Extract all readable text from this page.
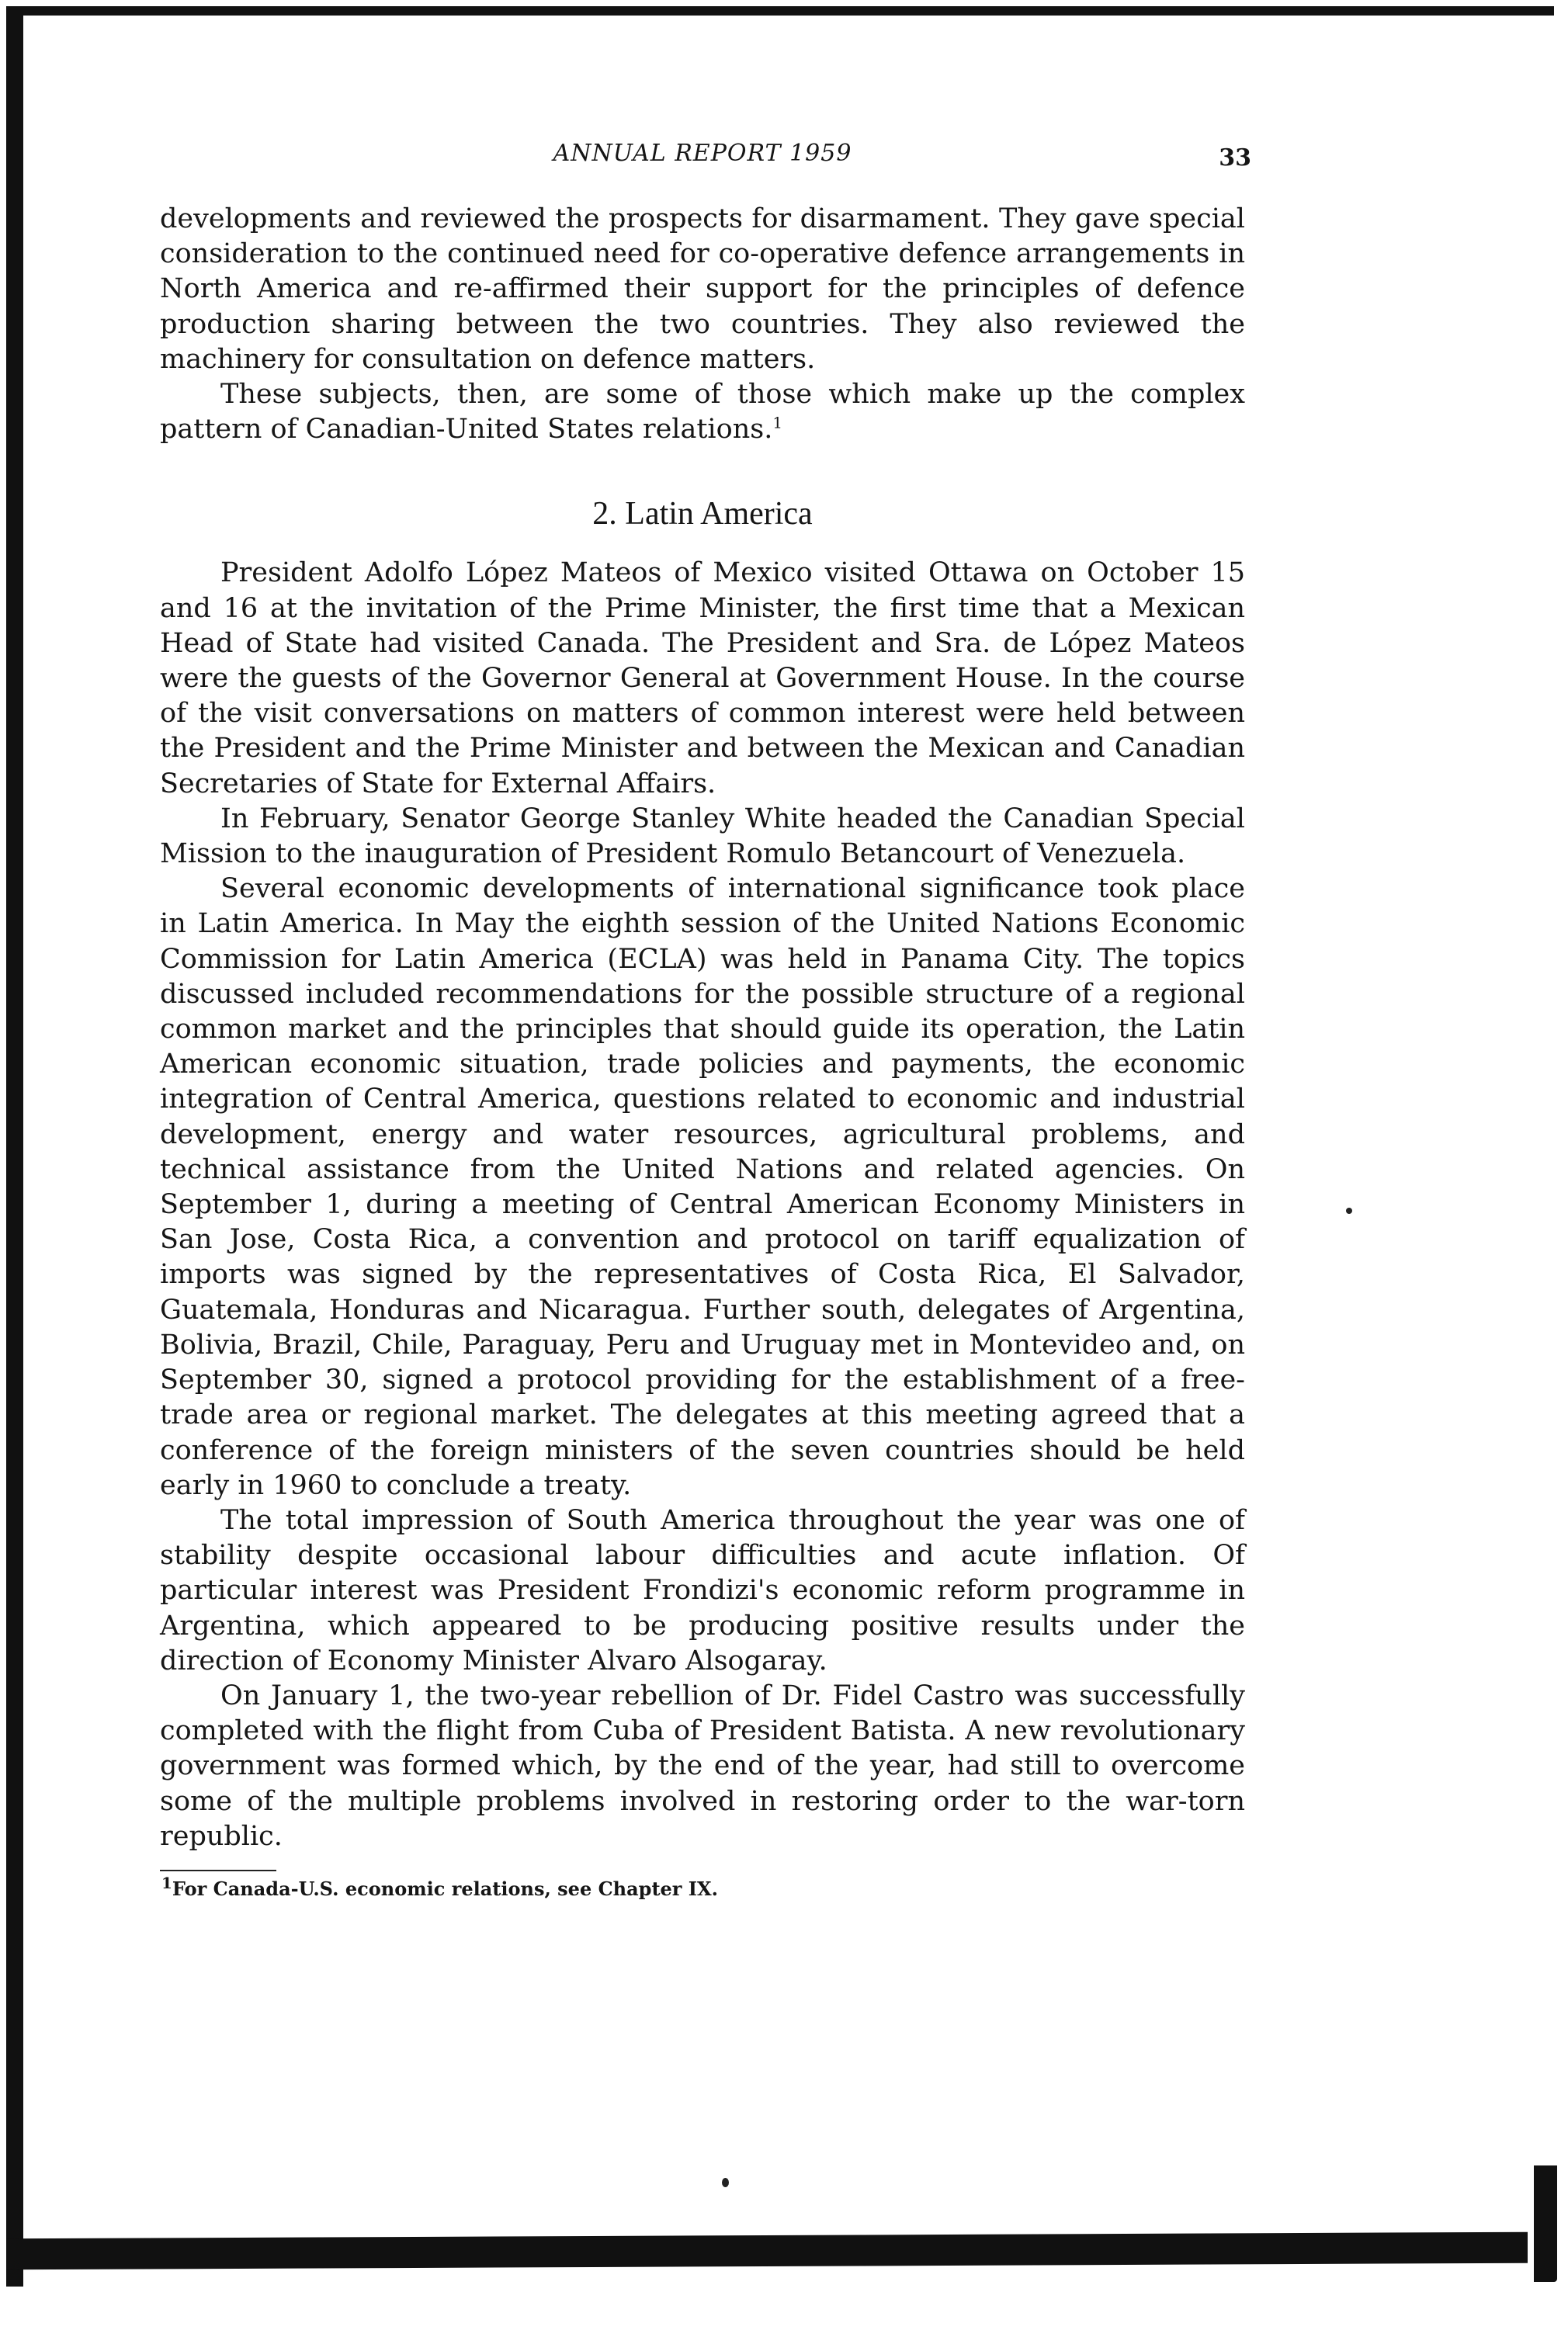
ANNUAL REPORT 1959	33

developments and reviewed the prospects for disarmament. They gave special consideration to the continued need for co-operative defence arrangements in North America and re-affirmed their support for the principles of defence production sharing between the two countries. They also reviewed the machinery for consultation on defence matters.

These subjects, then, are some of those which make up the complex pattern of Canadian-United States relations.$^1$

2. Latin America

President Adolfo López Mateos of Mexico visited Ottawa on October 15 and 16 at the invitation of the Prime Minister, the first time that a Mexican Head of State had visited Canada. The President and Sra. de López Mateos were the guests of the Governor General at Government House. In the course of the visit conversations on matters of common interest were held between the President and the Prime Minister and between the Mexican and Canadian Secretaries of State for External Affairs.

In February, Senator George Stanley White headed the Canadian Special Mission to the inauguration of President Romulo Betancourt of Venezuela.

Several economic developments of international significance took place in Latin America. In May the eighth session of the United Nations Economic Commission for Latin America (ECLA) was held in Panama City. The topics discussed included recommendations for the possible structure of a regional common market and the principles that should guide its operation, the Latin American economic situation, trade policies and payments, the economic integration of Central America, questions related to economic and industrial development, energy and water resources, agricultural problems, and technical assistance from the United Nations and related agencies. On September 1, during a meeting of Central American Economy Ministers in San Jose, Costa Rica, a convention and protocol on tariff equalization of imports was signed by the representatives of Costa Rica, El Salvador, Guatemala, Honduras and Nicaragua. Further south, delegates of Argentina, Bolivia, Brazil, Chile, Paraguay, Peru and Uruguay met in Montevideo and, on September 30, signed a protocol providing for the establishment of a free-trade area or regional market. The delegates at this meeting agreed that a conference of the foreign ministers of the seven countries should be held early in 1960 to conclude a treaty.

The total impression of South America throughout the year was one of stability despite occasional labour difficulties and acute inflation. Of particular interest was President Frondizi's economic reform programme in Argentina, which appeared to be producing positive results under the direction of Economy Minister Alvaro Alsogaray.

On January 1, the two-year rebellion of Dr. Fidel Castro was successfully completed with the flight from Cuba of President Batista. A new revolutionary government was formed which, by the end of the year, had still to overcome some of the multiple problems involved in restoring order to the war-torn republic.

$^1$For Canada-U.S. economic relations, see Chapter IX.
